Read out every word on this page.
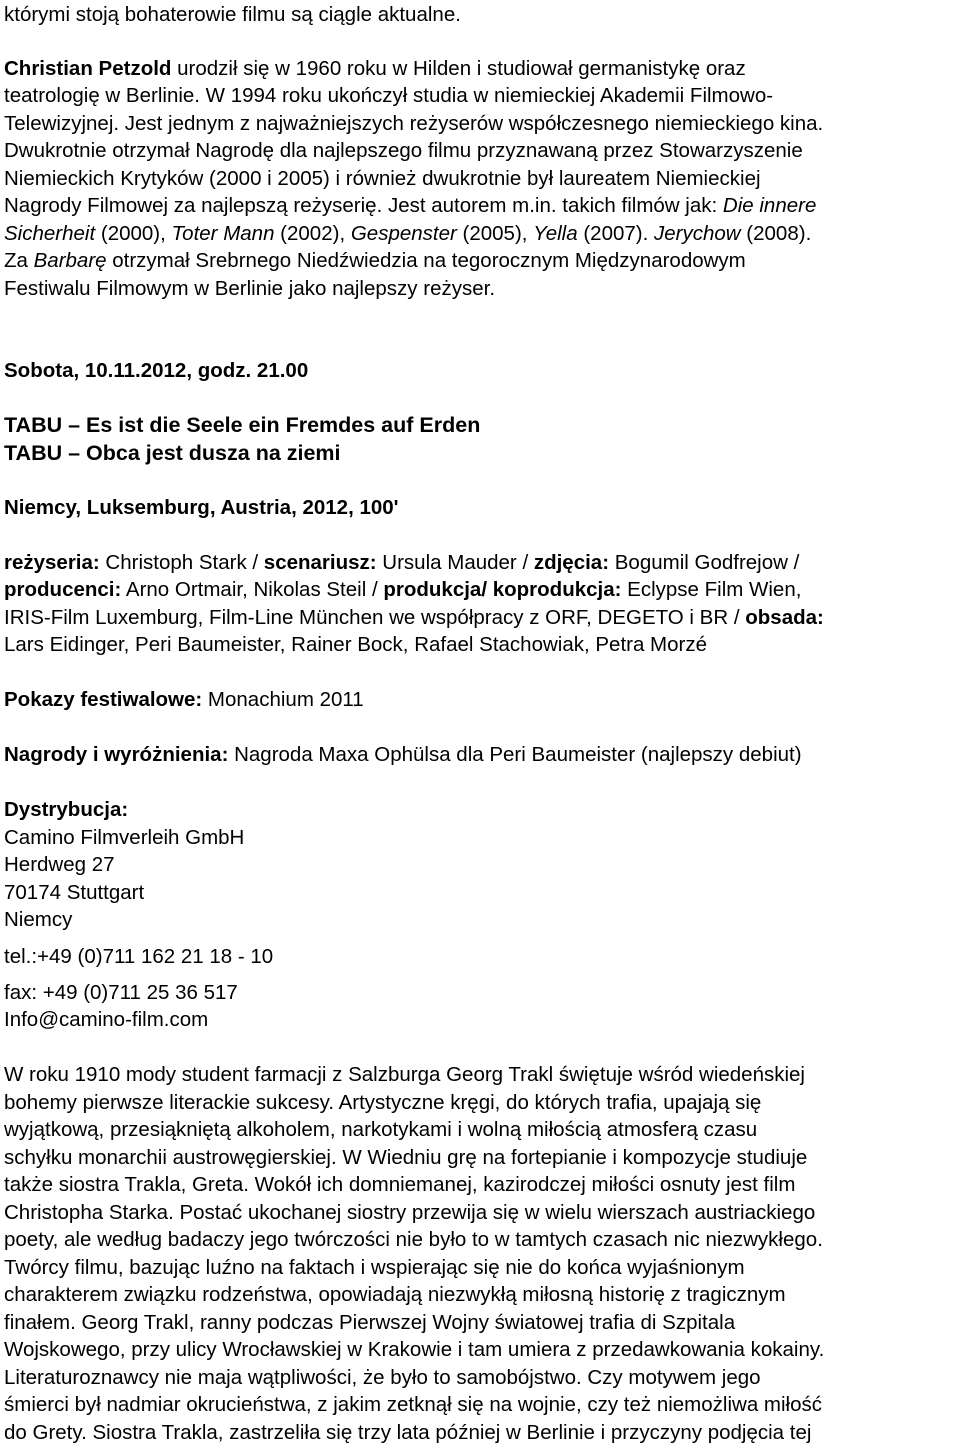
którymi stoją bohaterowie filmu są ciągle aktualne.
Christian Petzold urodził się w 1960 roku w Hilden i studiował germanistykę oraz
teatrologię w Berlinie. W 1994 roku ukończył studia w niemieckiej Akademii Filmowo-
Telewizyjnej. Jest jednym z najważniejszych reżyserów współczesnego niemieckiego kina.
Dwukrotnie otrzymał Nagrodę dla najlepszego filmu przyznawaną przez Stowarzyszenie
Niemieckich Krytyków (2000 i 2005) i również dwukrotnie był laureatem Niemieckiej
Nagrody Filmowej za najlepszą reżyserię. Jest autorem m.in. takich filmów jak: Die innere
Sicherheit (2000), Toter Mann (2002), Gespenster (2005), Yella (2007). Jerychow (2008).
Za Barbarę otrzymał Srebrnego Niedźwiedzia na tegorocznym Międzynarodowym
Festiwalu Filmowym w Berlinie jako najlepszy reżyser.
Sobota, 10.11.2012, godz. 21.00
TABU – Es ist die Seele ein Fremdes auf Erden
TABU – Obca jest dusza na ziemi
Niemcy, Luksemburg, Austria, 2012, 100'
reżyseria: Christoph Stark / scenariusz: Ursula Mauder / zdjęcia: Bogumil Godfrejow /
producenci: Arno Ortmair, Nikolas Steil / produkcja/ koprodukcja: Eclypse Film Wien,
IRIS-Film Luxemburg, Film-Line München we współpracy z ORF, DEGETO i BR / obsada:
Lars Eidinger, Peri Baumeister, Rainer Bock, Rafael Stachowiak, Petra Morzé
Pokazy festiwalowe: Monachium 2011
Nagrody i wyróżnienia: Nagroda Maxa Ophülsa dla Peri Baumeister (najlepszy debiut)
Dystrybucja:
Camino Filmverleih GmbH
Herdweg 27
70174 Stuttgart
Niemcy
tel.:+49 (0)711 162 21 18 - 10
fax: +49 (0)711 25 36 517
Info@camino-film.com
W roku 1910 mody student farmacji z Salzburga Georg Trakl świętuje wśród wiedeńskiej
bohemy pierwsze literackie sukcesy. Artystyczne kręgi, do których trafia, upajają się
wyjątkową, przesiąkniętą alkoholem, narkotykami i wolną miłością atmosferą czasu
schyłku monarchii austrowęgierskiej. W Wiedniu grę na fortepianie i kompozycje studiuje
także siostra Trakla, Greta. Wokół ich domniemanej, kazirodczej miłości osnuty jest film
Christopha Starka. Postać ukochanej siostry przewija się w wielu wierszach austriackiego
poety, ale według badaczy jego twórczości nie było to w tamtych czasach nic niezwykłego.
Twórcy filmu, bazując luźno na faktach i wspierając się nie do końca wyjaśnionym
charakterem związku rodzeństwa, opowiadają niezwykłą miłosną historię z tragicznym
finałem. Georg Trakl, ranny podczas Pierwszej Wojny światowej trafia di Szpitala
Wojskowego, przy ulicy Wrocławskiej w Krakowie i tam umiera z przedawkowania kokainy.
Literaturoznawcy nie maja wątpliwości, że było to samobójstwo. Czy motywem jego
śmierci był nadmiar okrucieństwa, z jakim zetknął się na wojnie, czy też niemożliwa miłość
do Grety. Siostra Trakla, zastrzeliła się trzy lata później w Berlinie i przyczyny podjęcia tej
